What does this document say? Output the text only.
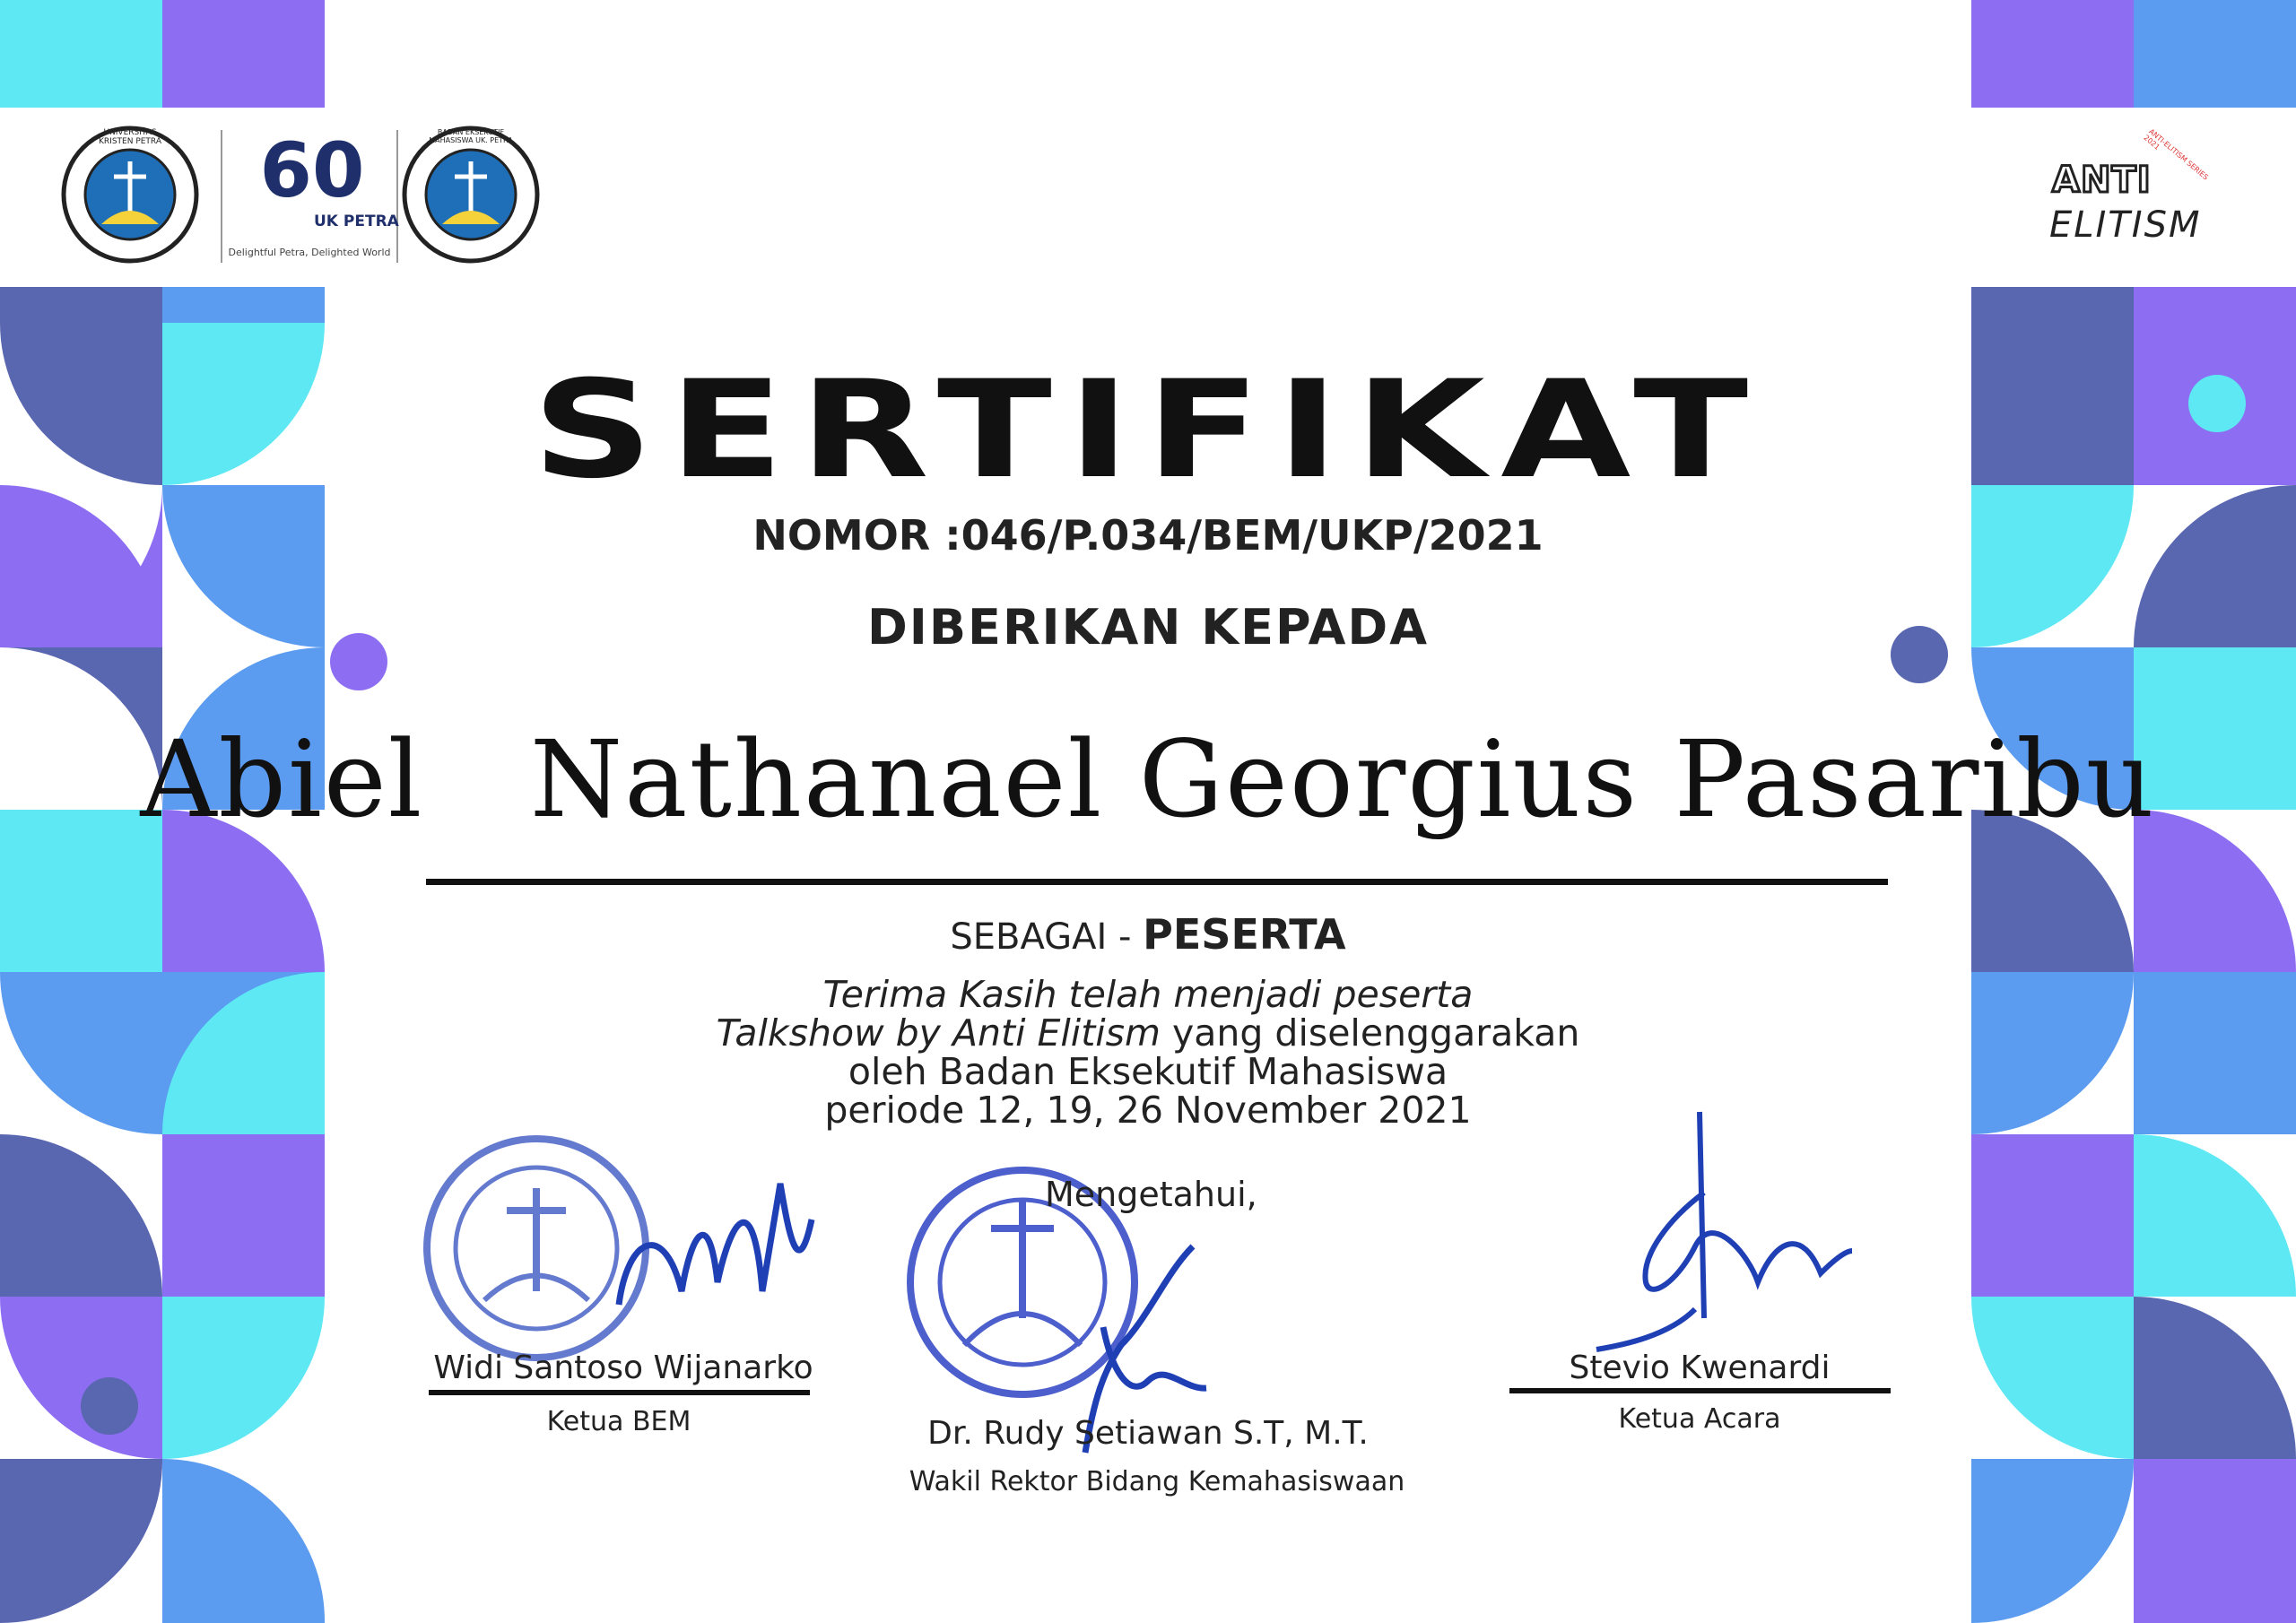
60
UK PETRA
Delightful Petra, Delighted World
UNIVERSITAS KRISTEN PETRA
BADAN EKSEKUTIF MAHASISWA UK. PETRA
ANTI
ELITISM
ANTI-ELITISM SERIES 2021
SERTIFIKAT
NOMOR :046/P.034/BEM/UKP/2021
DIBERIKAN KEPADA
Abiel   Nathanael Georgius Pasaribu
SEBAGAI - PESERTA
Terima Kasih telah menjadi peserta
Talkshow by Anti Elitism yang diselenggarakan
oleh Badan Eksekutif Mahasiswa
periode 12, 19, 26 November 2021
Widi Santoso Wijanarko
Ketua BEM
Mengetahui,
Dr. Rudy Setiawan S.T, M.T.
Wakil Rektor Bidang Kemahasiswaan
Stevio Kwenardi
Ketua Acara
